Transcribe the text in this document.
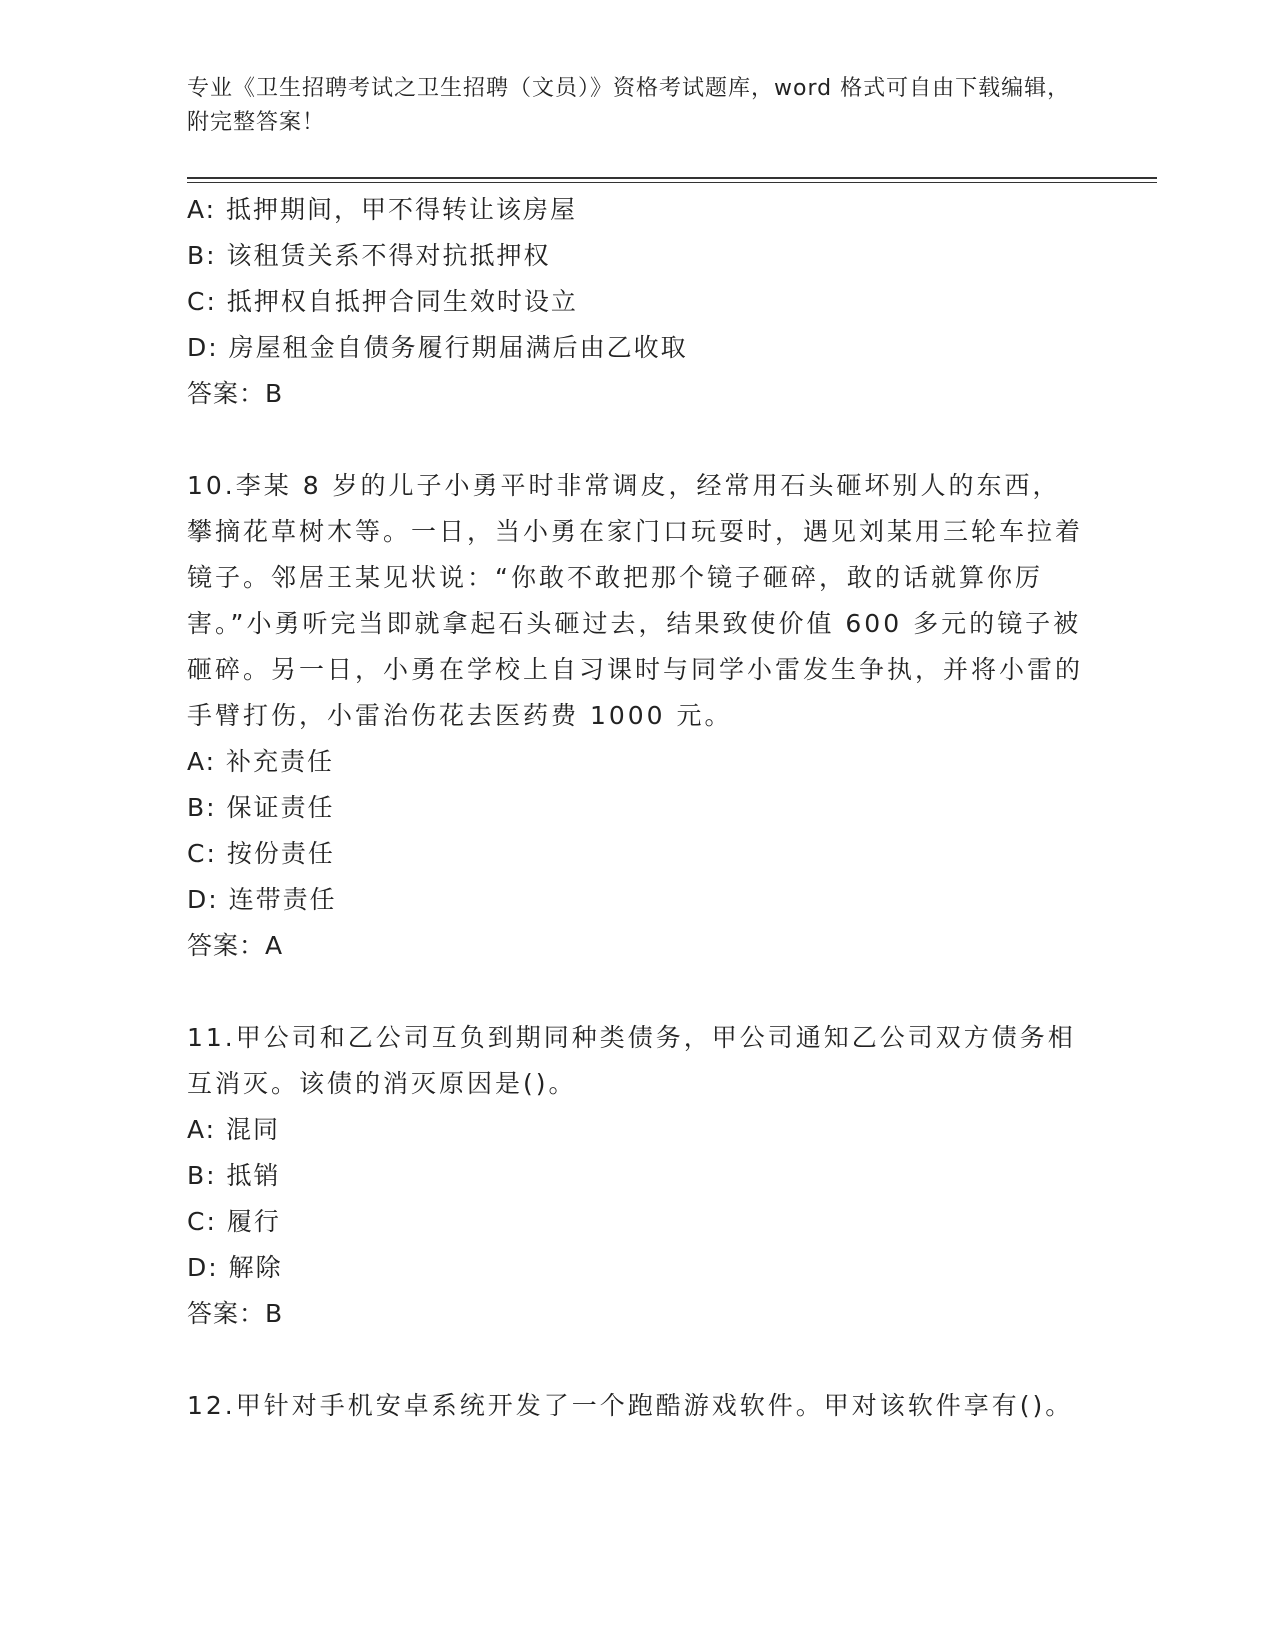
专业《卫生招聘考试之卫生招聘（文员）》资格考试题库，word 格式可自由下载编辑，附完整答案！

A: 抵押期间，甲不得转让该房屋

B: 该租赁关系不得对抗抵押权

C: 抵押权自抵押合同生效时设立

D: 房屋租金自债务履行期届满后由乙收取

答案：B

10.李某 8 岁的儿子小勇平时非常调皮，经常用石头砸坏别人的东西，攀摘花草树木等。一日，当小勇在家门口玩耍时，遇见刘某用三轮车拉着镜子。邻居王某见状说：“你敢不敢把那个镜子砸碎，敢的话就算你厉害。”小勇听完当即就拿起石头砸过去，结果致使价值 600 多元的镜子被砸碎。另一日，小勇在学校上自习课时与同学小雷发生争执，并将小雷的手臂打伤，小雷治伤花去医药费 1000 元。

A: 补充责任

B: 保证责任

C: 按份责任

D: 连带责任

答案：A

11.甲公司和乙公司互负到期同种类债务，甲公司通知乙公司双方债务相互消灭。该债的消灭原因是()。

A: 混同

B: 抵销

C: 履行

D: 解除

答案：B

12.甲针对手机安卓系统开发了一个跑酷游戏软件。甲对该软件享有()。
